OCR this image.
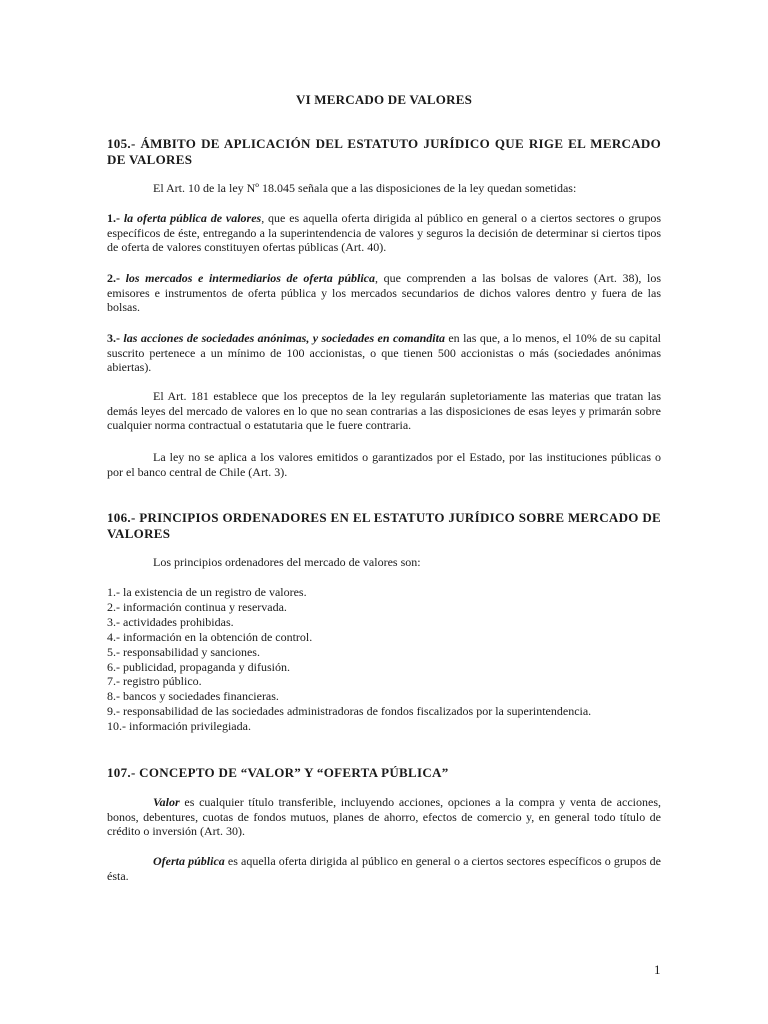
VI MERCADO DE VALORES
105.- ÁMBITO DE APLICACIÓN DEL ESTATUTO JURÍDICO QUE RIGE EL MERCADO DE VALORES
El Art. 10 de la ley Nº 18.045 señala que a las disposiciones de la ley quedan sometidas:
1.- la oferta pública de valores, que es aquella oferta dirigida al público en general o a ciertos sectores o grupos específicos de éste, entregando a la superintendencia de valores y seguros la decisión de determinar si ciertos tipos de oferta de valores constituyen ofertas públicas (Art. 40).
2.- los mercados e intermediarios de oferta pública, que comprenden a las bolsas de valores (Art. 38), los emisores e instrumentos de oferta pública y los mercados secundarios de dichos valores dentro y fuera de las bolsas.
3.- las acciones de sociedades anónimas, y sociedades en comandita en las que, a lo menos, el 10% de su capital suscrito pertenece a un mínimo de 100 accionistas, o que tienen 500 accionistas o más (sociedades anónimas abiertas).
El Art. 181 establece que los preceptos de la ley regularán supletoriamente las materias que tratan las demás leyes del mercado de valores en lo que no sean contrarias a las disposiciones de esas leyes y primarán sobre cualquier norma contractual o estatutaria que le fuere contraria.
La ley no se aplica a los valores emitidos o garantizados por el Estado, por las instituciones públicas o por el banco central de Chile (Art. 3).
106.- PRINCIPIOS ORDENADORES EN EL ESTATUTO JURÍDICO SOBRE MERCADO DE VALORES
Los principios ordenadores del mercado de valores son:
1.- la existencia de un registro de valores.
2.- información continua y reservada.
3.- actividades prohibidas.
4.- información en la obtención de control.
5.- responsabilidad y sanciones.
6.- publicidad, propaganda y difusión.
7.- registro público.
8.- bancos y sociedades financieras.
9.- responsabilidad de las sociedades administradoras de fondos fiscalizados por la superintendencia.
10.- información privilegiada.
107.- CONCEPTO DE “VALOR” Y “OFERTA PÚBLICA”
Valor es cualquier título transferible, incluyendo acciones, opciones a la compra y venta de acciones, bonos, debentures, cuotas de fondos mutuos, planes de ahorro, efectos de comercio y, en general todo título de crédito o inversión (Art. 30).
Oferta pública es aquella oferta dirigida al público en general o a ciertos sectores específicos o grupos de ésta.
1
